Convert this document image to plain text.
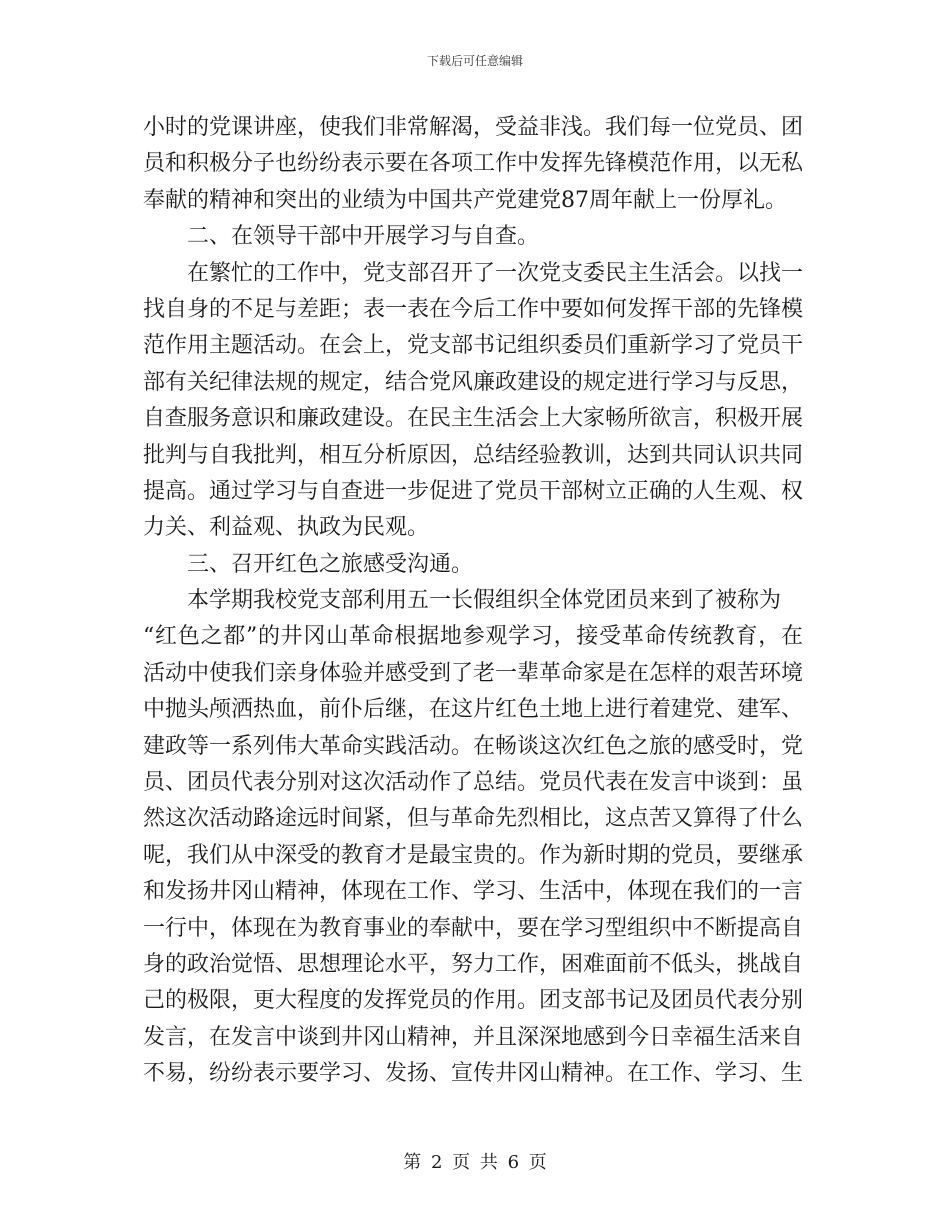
下载后可任意编辑
小时的党课讲座，使我们非常解渴，受益非浅。我们每一位党员、团
员和积极分子也纷纷表示要在各项工作中发挥先锋模范作用，以无私
奉献的精神和突出的业绩为中国共产党建党87周年献上一份厚礼。
　　二、在领导干部中开展学习与自查。
　　在繁忙的工作中，党支部召开了一次党支委民主生活会。以找一
找自身的不足与差距；表一表在今后工作中要如何发挥干部的先锋模
范作用主题活动。在会上，党支部书记组织委员们重新学习了党员干
部有关纪律法规的规定，结合党风廉政建设的规定进行学习与反思，
自查服务意识和廉政建设。在民主生活会上大家畅所欲言，积极开展
批判与自我批判，相互分析原因，总结经验教训，达到共同认识共同
提高。通过学习与自查进一步促进了党员干部树立正确的人生观、权
力关、利益观、执政为民观。
　　三、召开红色之旅感受沟通。
　　本学期我校党支部利用五一长假组织全体党团员来到了被称为
“红色之都”的井冈山革命根据地参观学习，接受革命传统教育，在
活动中使我们亲身体验并感受到了老一辈革命家是在怎样的艰苦环境
中抛头颅洒热血，前仆后继，在这片红色土地上进行着建党、建军、
建政等一系列伟大革命实践活动。在畅谈这次红色之旅的感受时，党
员、团员代表分别对这次活动作了总结。党员代表在发言中谈到：虽
然这次活动路途远时间紧，但与革命先烈相比，这点苦又算得了什么
呢，我们从中深受的教育才是最宝贵的。作为新时期的党员，要继承
和发扬井冈山精神，体现在工作、学习、生活中，体现在我们的一言
一行中，体现在为教育事业的奉献中，要在学习型组织中不断提高自
身的政治觉悟、思想理论水平，努力工作，困难面前不低头，挑战自
己的极限，更大程度的发挥党员的作用。团支部书记及团员代表分别
发言，在发言中谈到井冈山精神，并且深深地感到今日幸福生活来自
不易，纷纷表示要学习、发扬、宣传井冈山精神。在工作、学习、生
第 2 页 共 6 页
